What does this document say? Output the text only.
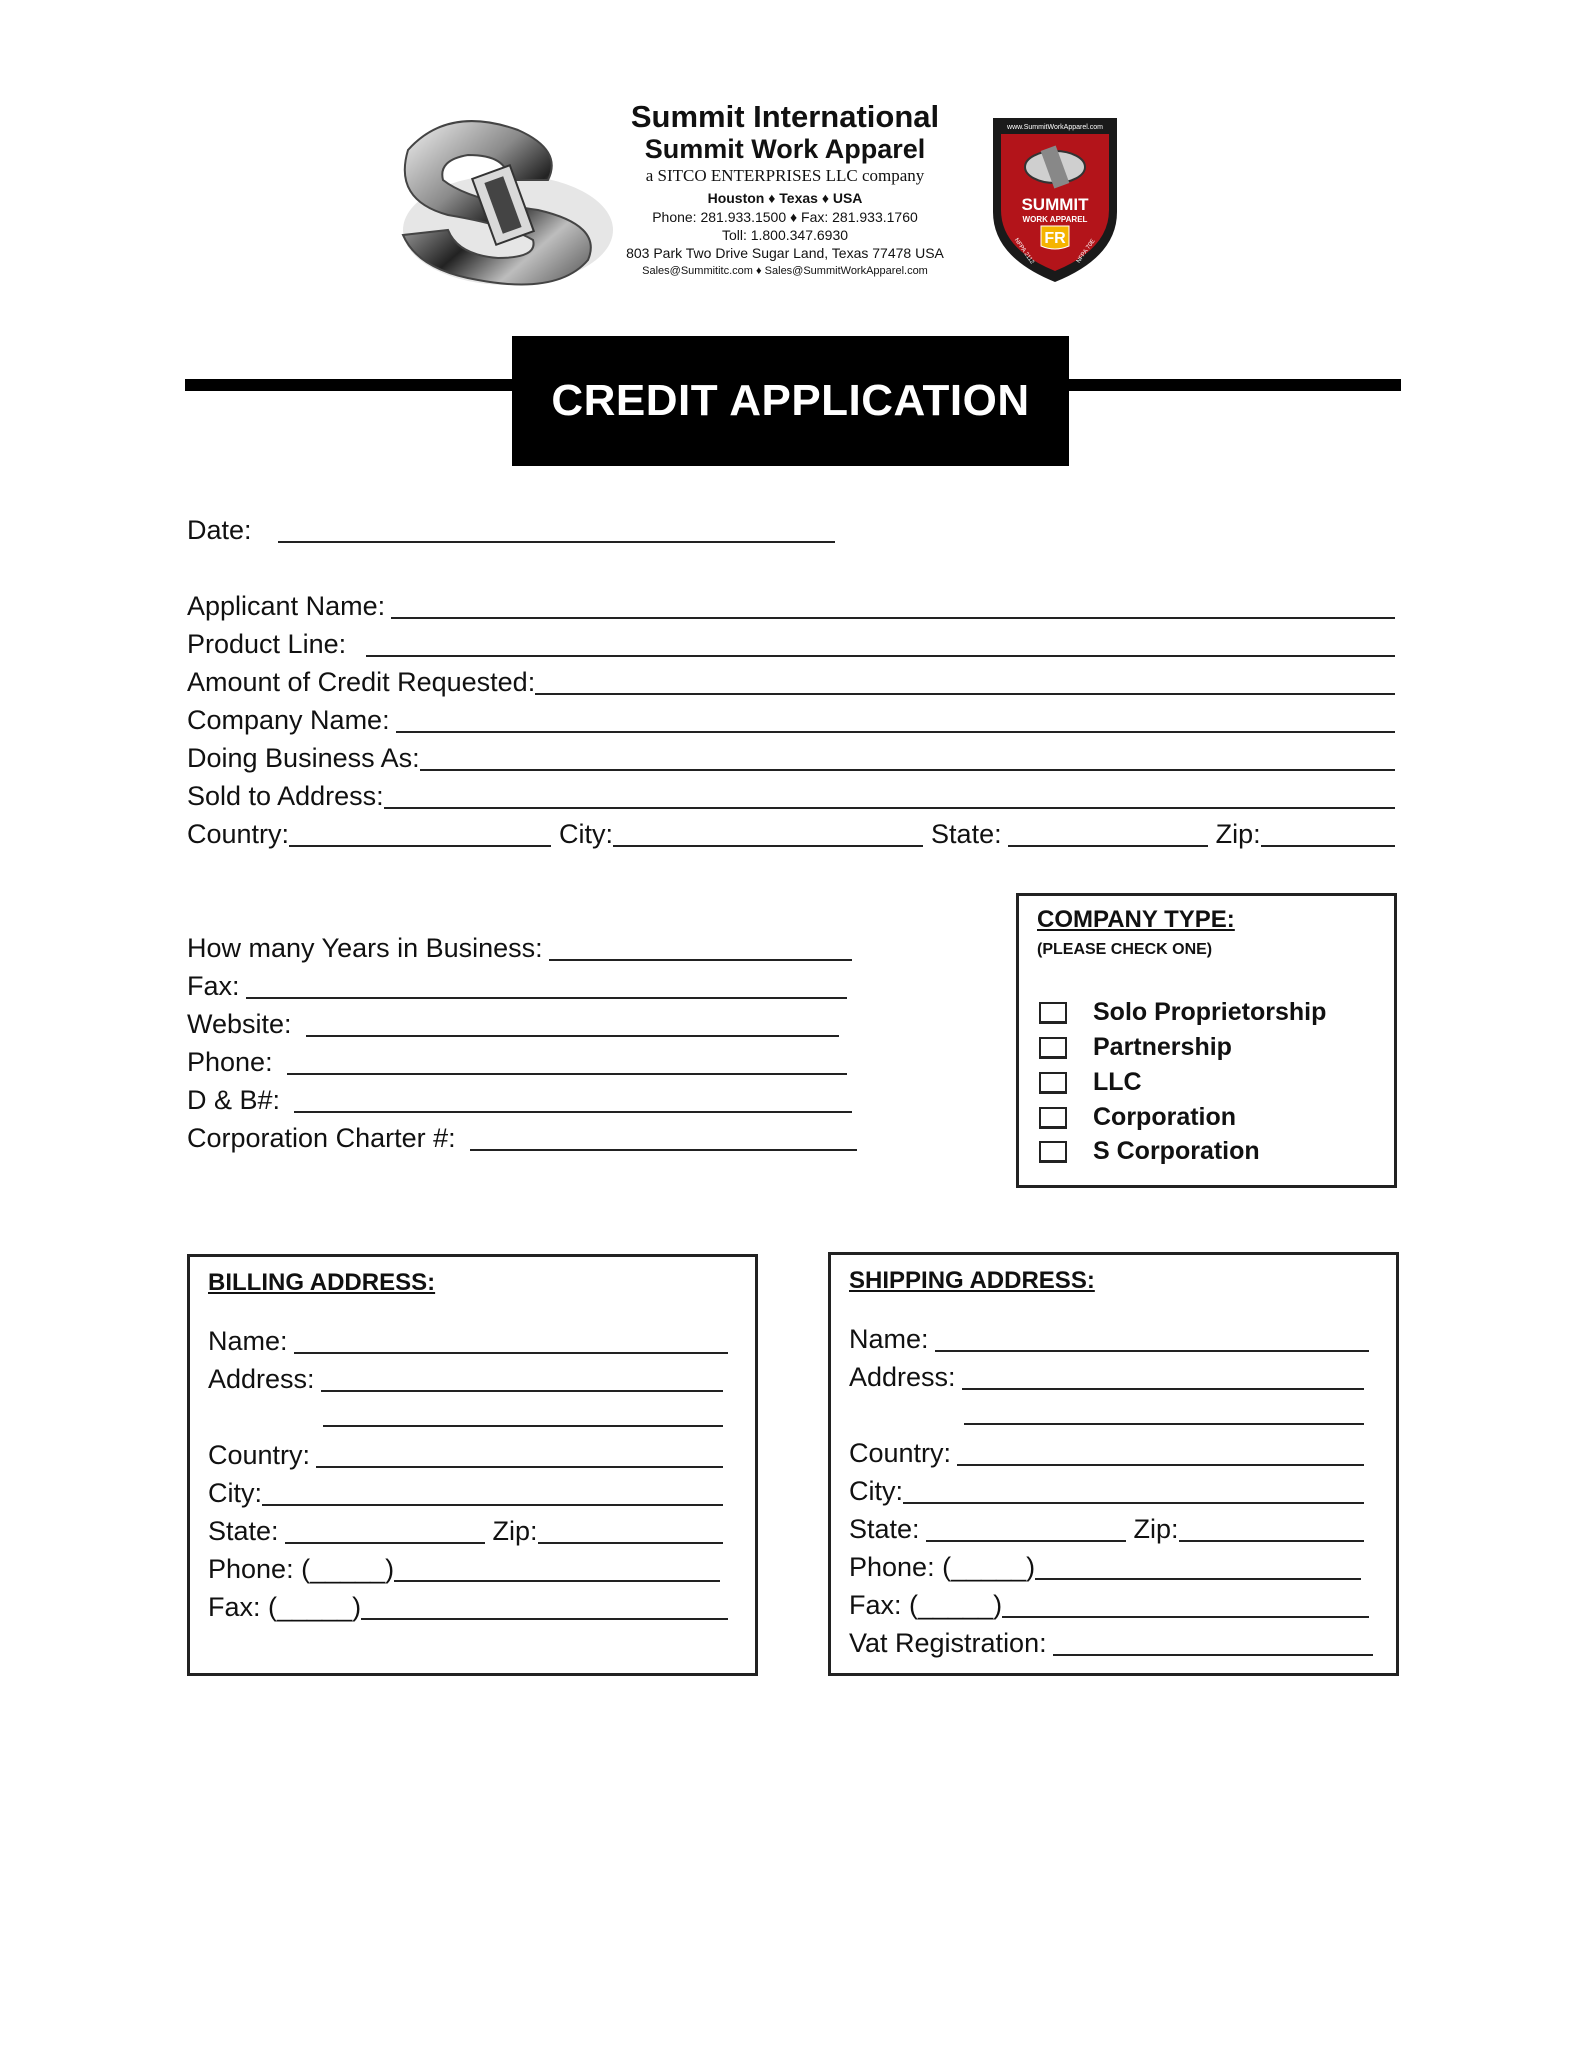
Summit International
Summit Work Apparel
a SITCO ENTERPRISES LLC company
Houston ♦ Texas ♦ USA
Phone: 281.933.1500 ♦ Fax: 281.933.1760
Toll: 1.800.347.6930
803 Park Two Drive Sugar Land, Texas 77478 USA
Sales@Summititc.com ♦ Sales@SummitWorkApparel.com
www.SummitWorkApparel.com
SUMMIT
WORK APPAREL
FR
NFPA 2112	NFPA 70E
CREDIT APPLICATION
Date:
Applicant Name:
Product Line:
Amount of Credit Requested:
Company Name:
Doing Business As:
Sold to Address:
Country:	City:	State:	Zip:
How many Years in Business:
Fax:
Website:
Phone:
D & B#:
Corporation Charter #:
COMPANY TYPE:
(PLEASE CHECK ONE)
Solo Proprietorship
Partnership
LLC
Corporation
S Corporation
BILLING ADDRESS:
Name:
Address:
Country:
City:
State:	Zip:
Phone: (_____)
Fax: (_____)
SHIPPING ADDRESS:
Name:
Address:
Country:
City:
State:	Zip:
Phone: (_____)
Fax: (_____)
Vat Registration:
